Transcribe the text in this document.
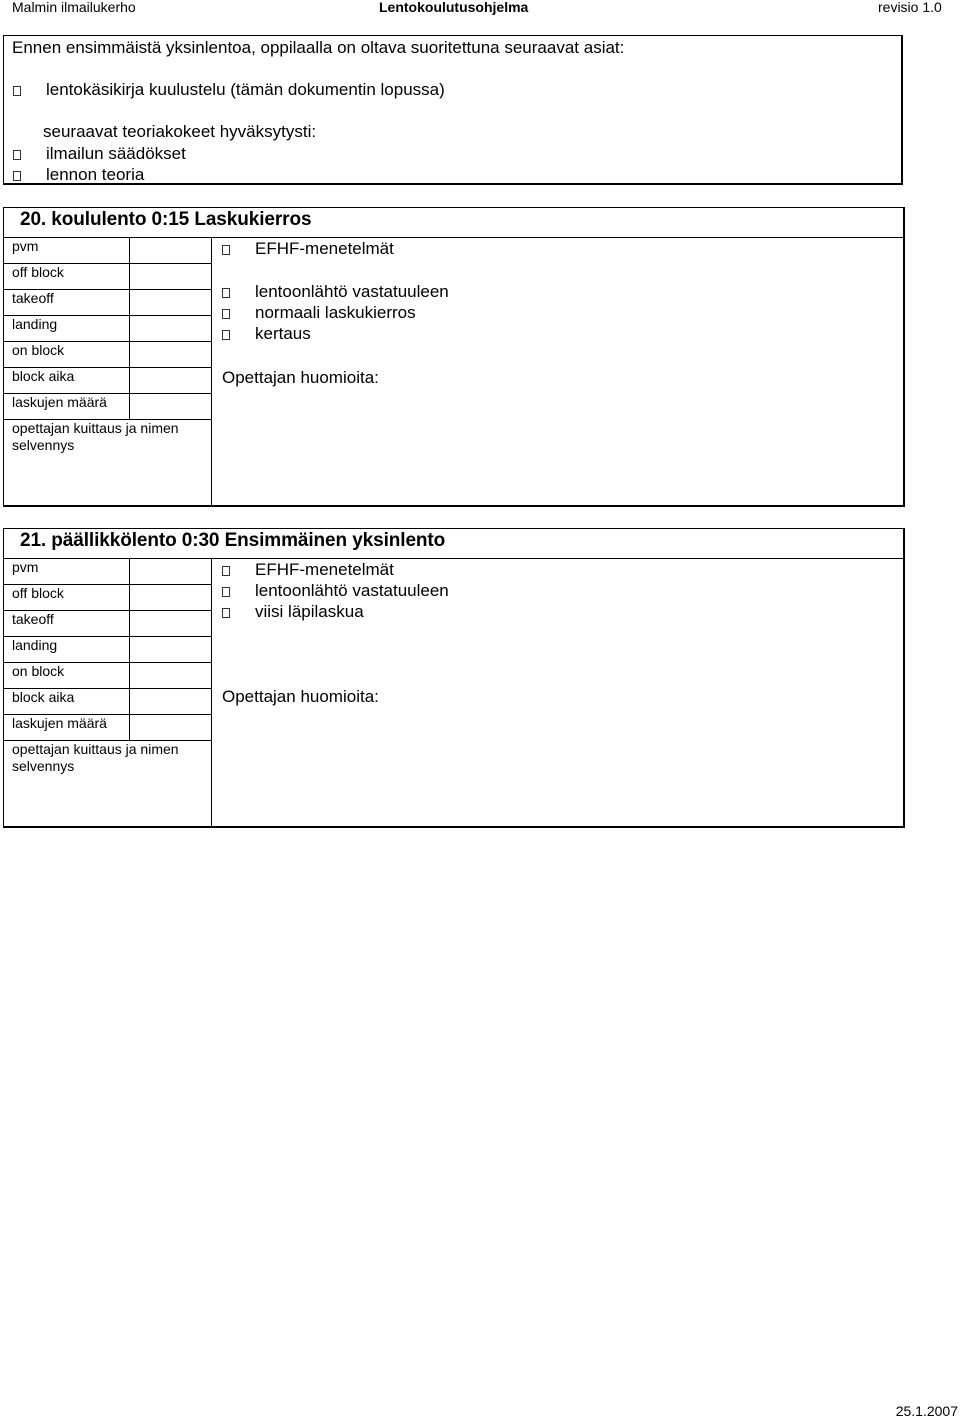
Malmin ilmailukerho	Lentokoulutusohjelma	revisio 1.0
Ennen ensimmäistä yksinlentoa, oppilaalla on oltava suoritettuna seuraavat asiat:
lentokäsikirja kuulustelu (tämän dokumentin lopussa)
seuraavat teoriakokeet hyväksytysti:
ilmailun säädökset
lennon teoria
20. koululento 0:15 Laskukierros
pvm
off block
takeoff
landing
on block
block aika
laskujen määrä
opettajan kuittaus ja nimen
selvennys
EFHF-menetelmät
lentoonlähtö vastatuuleen
normaali laskukierros
kertaus
Opettajan huomioita:
21. päällikkölento 0:30 Ensimmäinen yksinlento
pvm
off block
takeoff
landing
on block
block aika
laskujen määrä
opettajan kuittaus ja nimen
selvennys
EFHF-menetelmät
lentoonlähtö vastatuuleen
viisi läpilaskua
Opettajan huomioita:
25.1.2007
